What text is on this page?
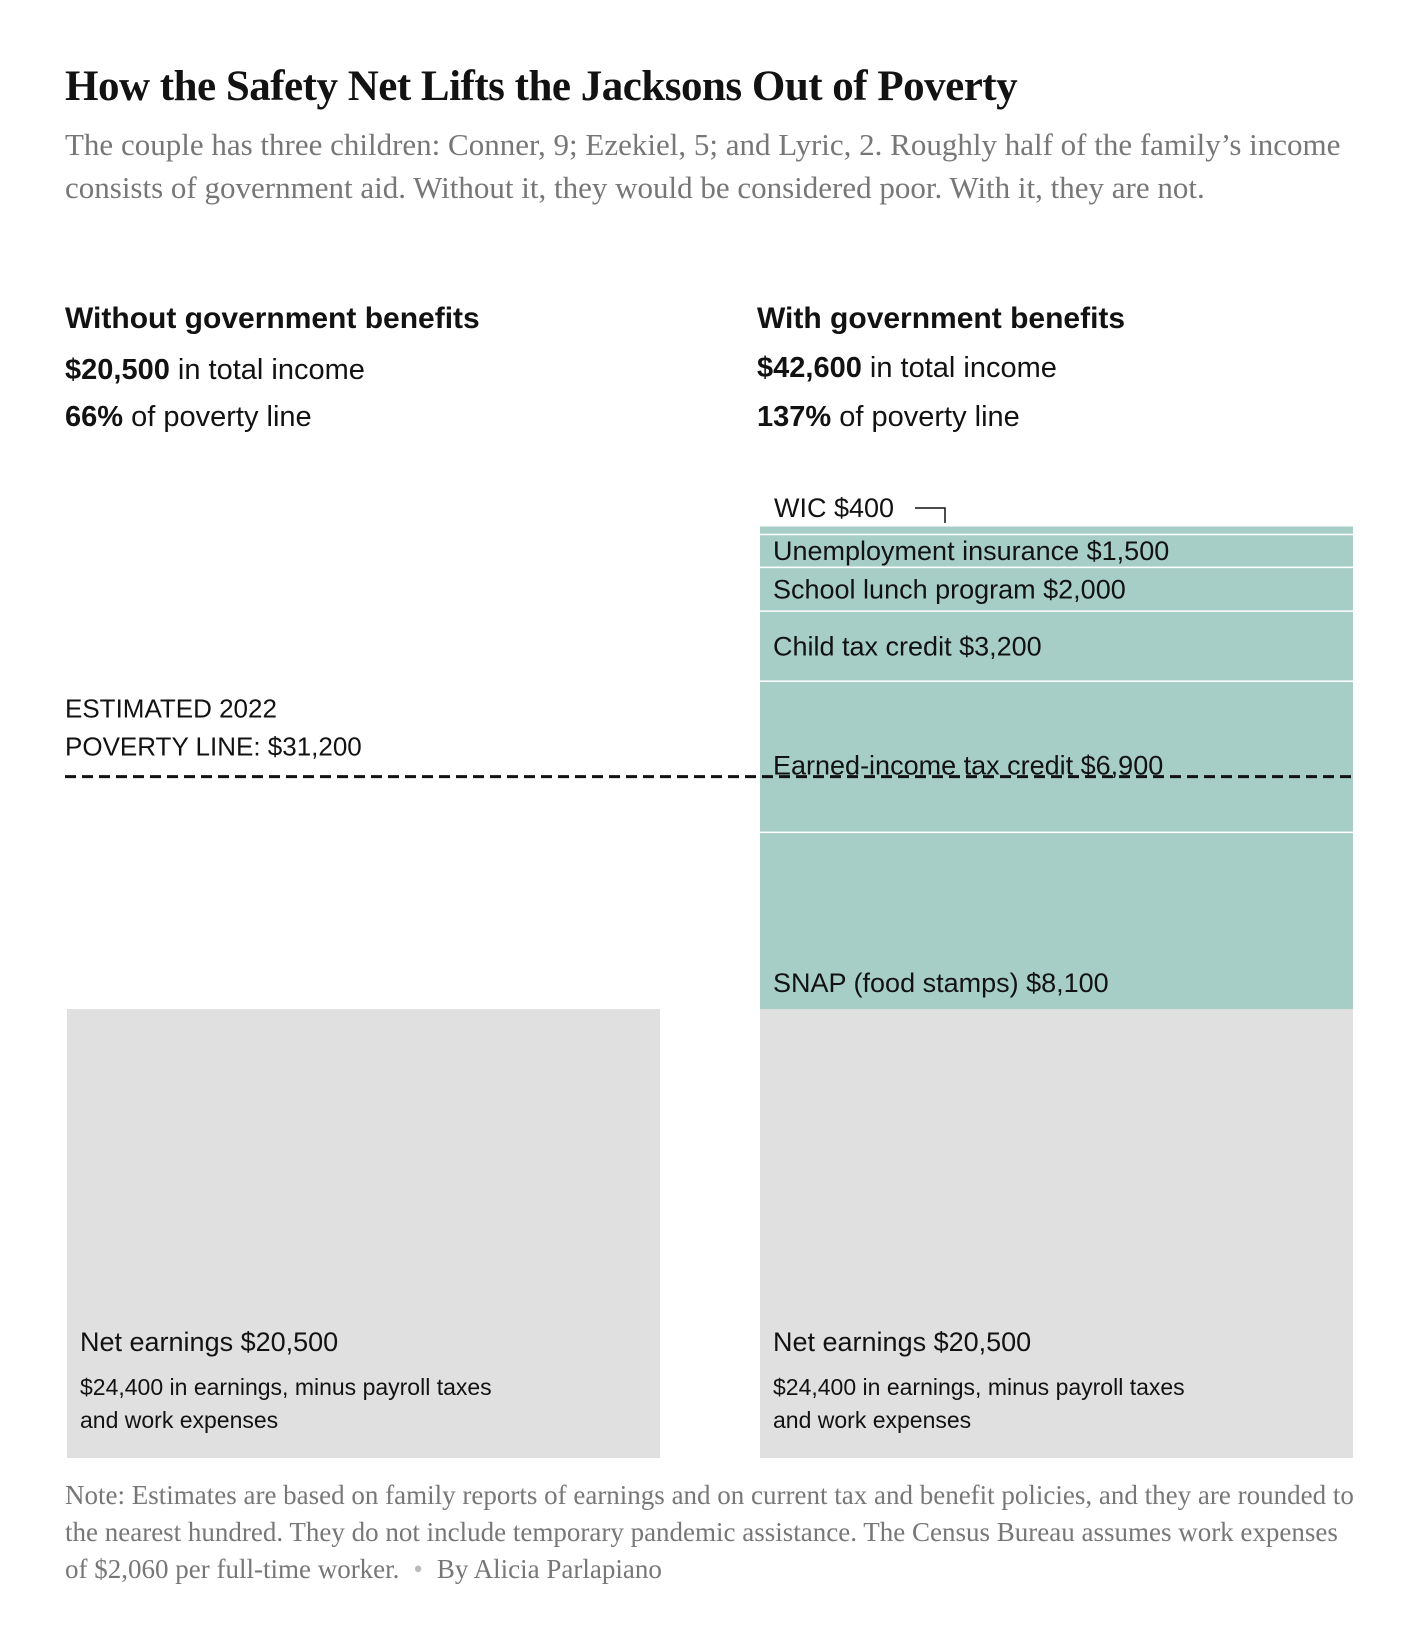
How the Safety Net Lifts the Jacksons Out of Poverty
The couple has three children: Conner, 9; Ezekiel, 5; and Lyric, 2. Roughly half of the family’s income consists of government aid. Without it, they would be considered poor. With it, they are not.
Without government benefits
$20,500 in total income
66% of poverty line
With government benefits
$42,600 in total income
137% of poverty line
Net earnings $20,500
$24,400 in earnings, minus payroll taxes
and work expenses
Net earnings $20,500
$24,400 in earnings, minus payroll taxes
and work expenses
SNAP (food stamps) $8,100
Earned-income tax credit $6,900
Child tax credit $3,200
School lunch program $2,000
Unemployment insurance $1,500
WIC $400
ESTIMATED 2022
POVERTY LINE: $31,200
Note: Estimates are based on family reports of earnings and on current tax and benefit policies, and they are rounded to the nearest hundred. They do not include temporary pandemic assistance. The Census Bureau assumes work expenses of $2,060 per full-time worker. • By Alicia Parlapiano
